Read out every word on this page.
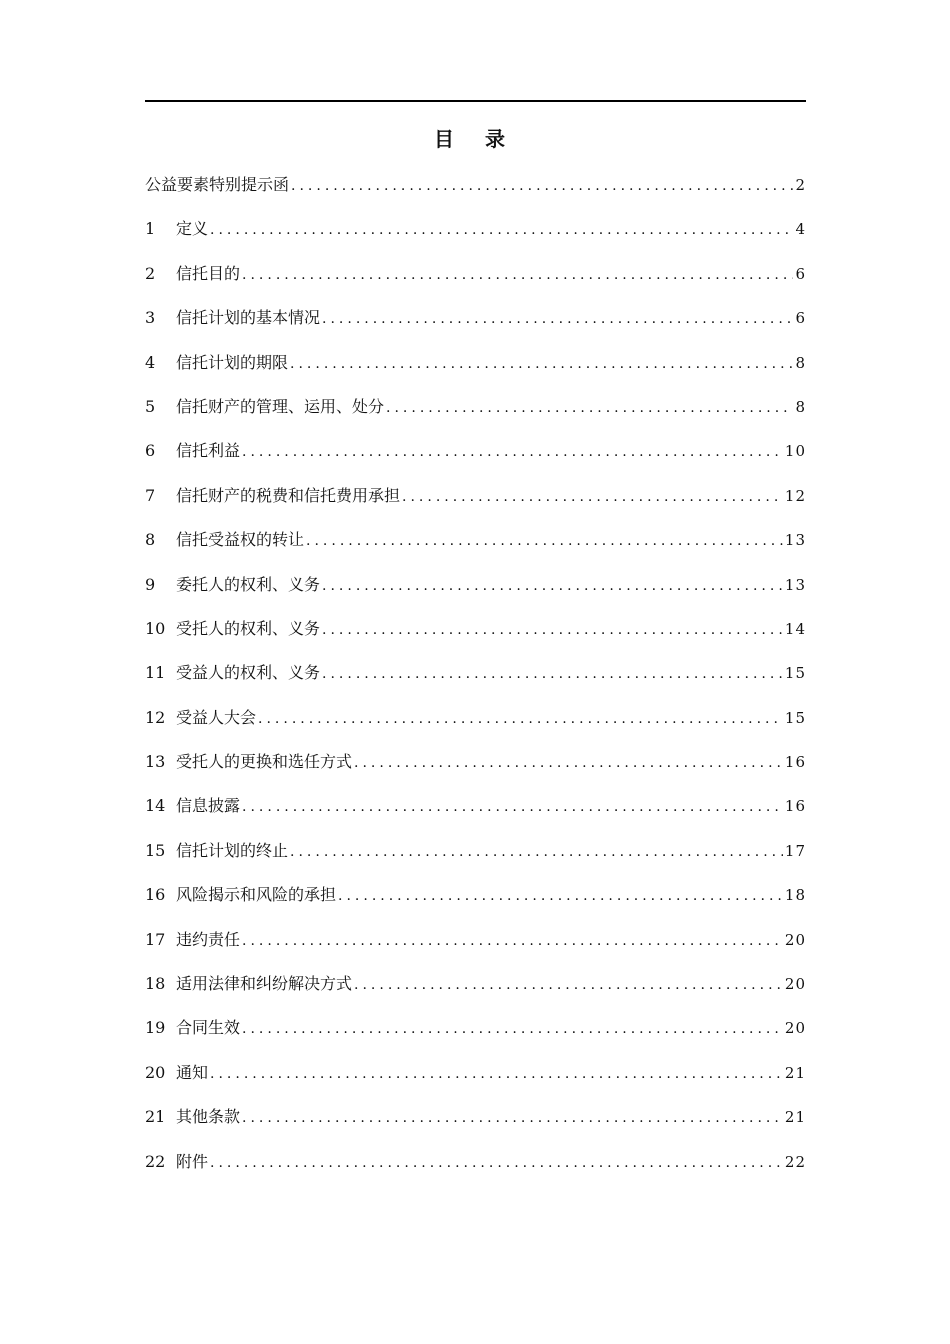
目 录
公益要素特别提示函 .....	2
1	定义 .....	4
2	信托目的 .....	6
3	信托计划的基本情况 .....	6
4	信托计划的期限 .....	8
5	信托财产的管理、运用、处分 .....	8
6	信托利益 .....	10
7	信托财产的税费和信托费用承担 .....	12
8	信托受益权的转让 .....	13
9	委托人的权利、义务 .....	13
10 受托人的权利、义务 .....	14
11 受益人的权利、义务 .....	15
12 受益人大会 .....	15
13 受托人的更换和选任方式 .....	16
14 信息披露 .....	16
15 信托计划的终止 .....	17
16 风险揭示和风险的承担 .....	18
17 违约责任 .....	20
18 适用法律和纠纷解决方式 .....	20
19 合同生效 .....	20
20 通知 .....	21
21 其他条款 .....	21
22 附件 .....	22
